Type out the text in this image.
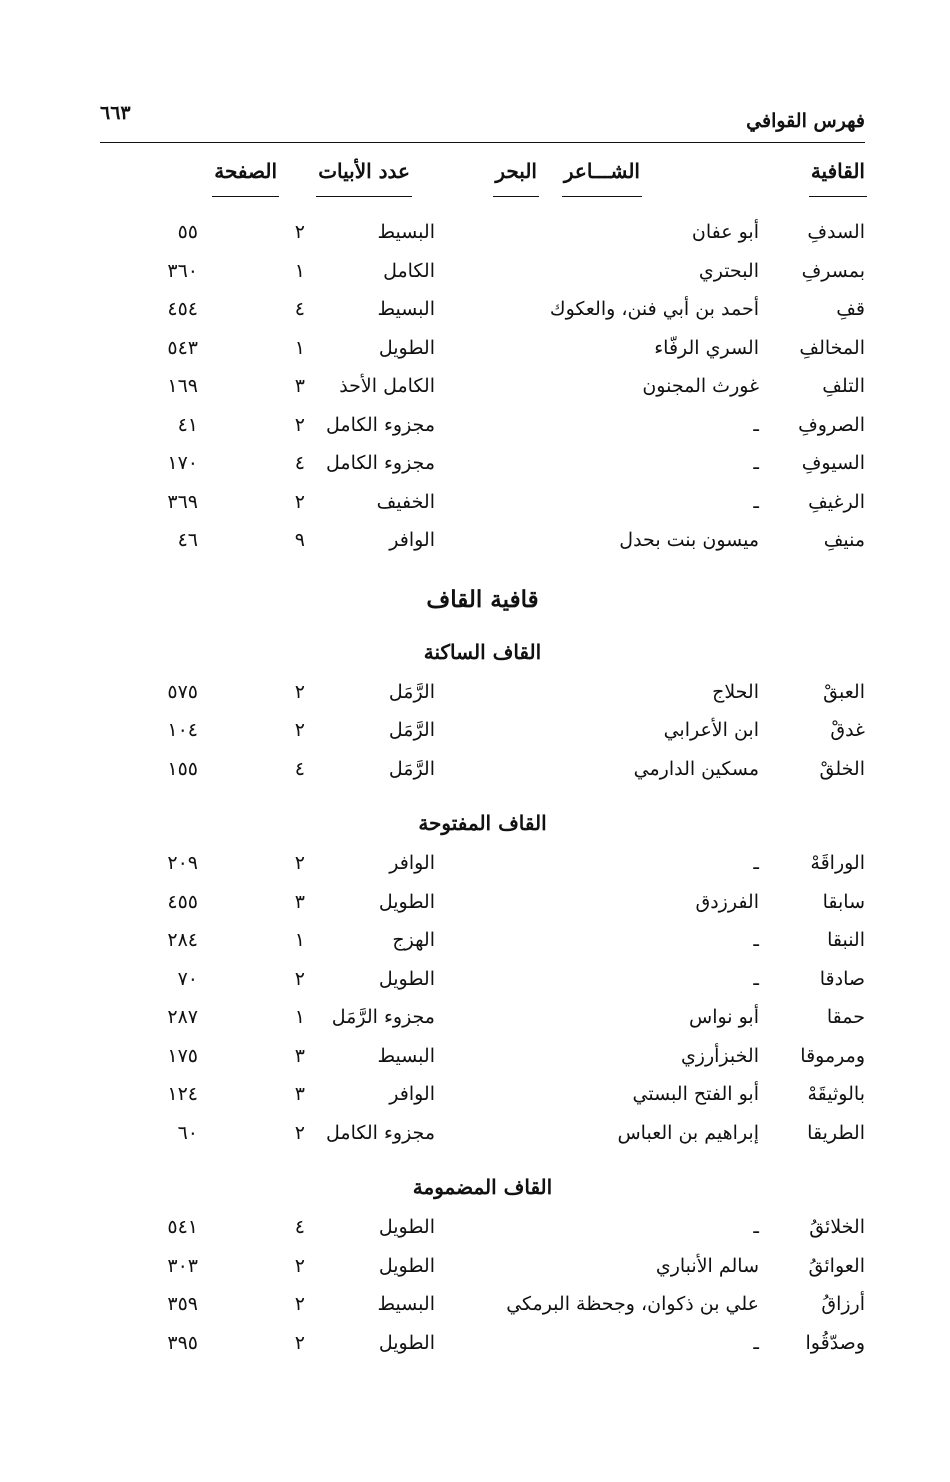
فهرس القوافي
٦٦٣
القافية
الشـــاعر
البحر
عدد الأبيات
الصفحة
السدفِ
أبو عفان
البسيط
٢
٥٥
بمسرفِ
البحتري
الكامل
١
٣٦٠
قفِ
أحمد بن أبي فنن، والعكوك
البسيط
٤
٤٥٤
المخالفِ
السري الرفّاء
الطويل
١
٥٤٣
التلفِ
غورث المجنون
الكامل الأحذ
٣
١٦٩
الصروفِ
ـ
مجزوء الكامل
٢
٤١
السيوفِ
ـ
مجزوء الكامل
٤
١٧٠
الرغيفِ
ـ
الخفيف
٢
٣٦٩
منيفِ
ميسون بنت بحدل
الوافر
٩
٤٦
قافية القاف
القاف الساكنة
العبقْ
الحلاج
الرَّمَل
٢
٥٧٥
غدقْ
ابن الأعرابي
الرَّمَل
٢
١٠٤
الخلقْ
مسكين الدارمي
الرَّمَل
٤
١٥٥
القاف المفتوحة
الوراقَهْ
ـ
الوافر
٢
٢٠٩
سابقا
الفرزدق
الطويل
٣
٤٥٥
النبقا
ـ
الهزج
١
٢٨٤
صادقا
ـ
الطويل
٢
٧٠
حمقا
أبو نواس
مجزوء الرَّمَل
١
٢٨٧
ومرموقا
الخبزأرزي
البسيط
٣
١٧٥
بالوثيقَهْ
أبو الفتح البستي
الوافر
٣
١٢٤
الطريقا
إبراهيم بن العباس
مجزوء الكامل
٢
٦٠
القاف المضمومة
الخلائقُ
ـ
الطويل
٤
٥٤١
العوائقُ
سالم الأنباري
الطويل
٢
٣٠٣
أرزاقُ
علي بن ذكوان، وجحظة البرمكي
البسيط
٢
٣٥٩
وصدّقُوا
ـ
الطويل
٢
٣٩٥
